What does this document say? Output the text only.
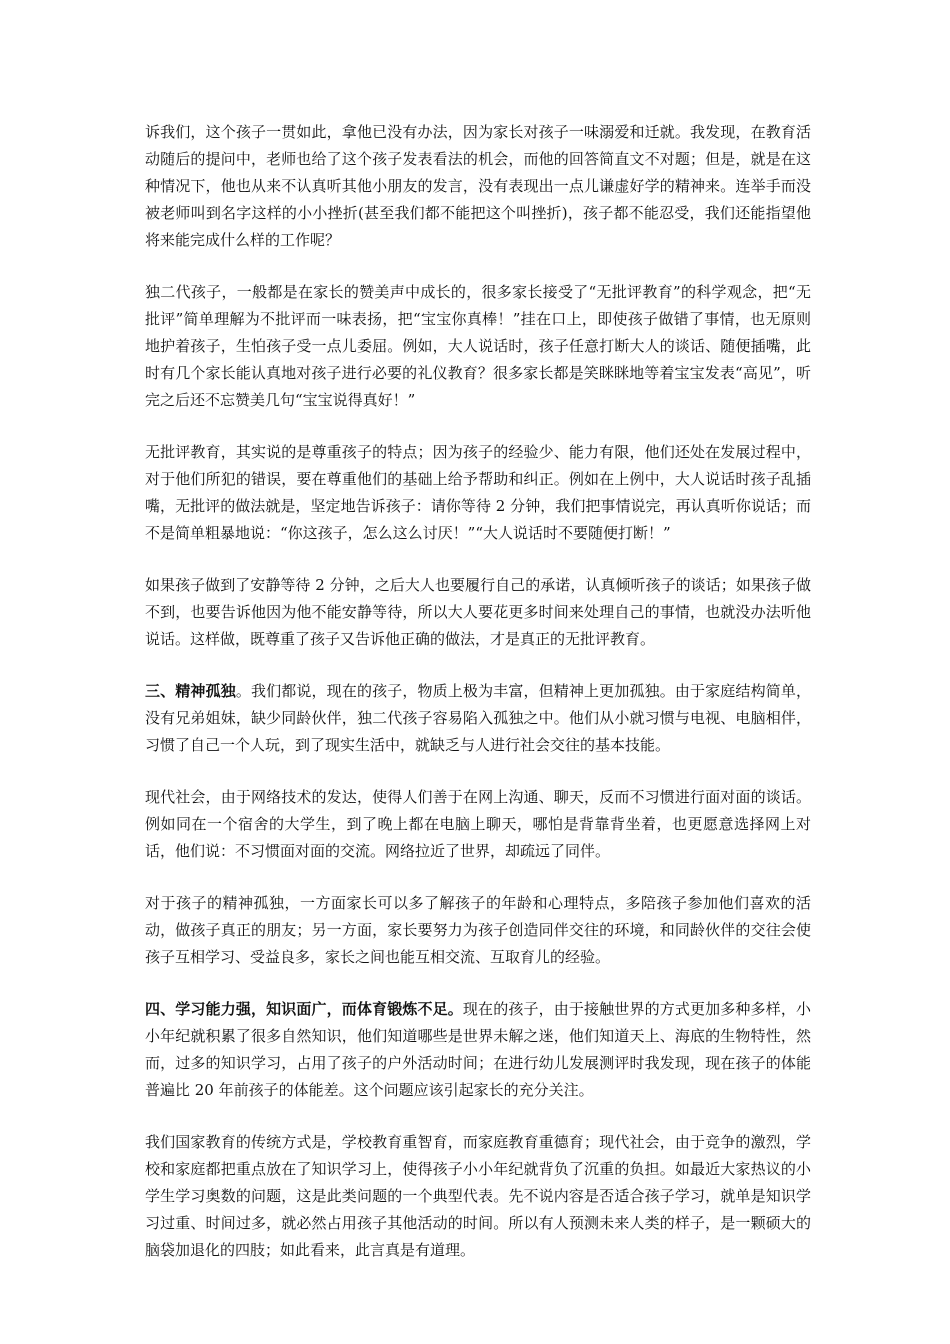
诉我们，这个孩子一贯如此，拿他已没有办法，因为家长对孩子一味溺爱和迁就。我发现，在教育活动随后的提问中，老师也给了这个孩子发表看法的机会，而他的回答简直文不对题；但是，就是在这种情况下，他也从来不认真听其他小朋友的发言，没有表现出一点儿谦虚好学的精神来。连举手而没被老师叫到名字这样的小小挫折(甚至我们都不能把这个叫挫折)，孩子都不能忍受，我们还能指望他将来能完成什么样的工作呢？

独二代孩子，一般都是在家长的赞美声中成长的，很多家长接受了“无批评教育”的科学观念，把“无批评”简单理解为不批评而一味表扬，把“宝宝你真棒！”挂在口上，即使孩子做错了事情，也无原则地护着孩子，生怕孩子受一点儿委屈。例如，大人说话时，孩子任意打断大人的谈话、随便插嘴，此时有几个家长能认真地对孩子进行必要的礼仪教育？很多家长都是笑眯眯地等着宝宝发表“高见”，听完之后还不忘赞美几句“宝宝说得真好！”

无批评教育，其实说的是尊重孩子的特点；因为孩子的经验少、能力有限，他们还处在发展过程中，对于他们所犯的错误，要在尊重他们的基础上给予帮助和纠正。例如在上例中，大人说话时孩子乱插嘴，无批评的做法就是，坚定地告诉孩子：请你等待 2 分钟，我们把事情说完，再认真听你说话；而不是简单粗暴地说：“你这孩子，怎么这么讨厌！”“大人说话时不要随便打断！”

如果孩子做到了安静等待 2 分钟，之后大人也要履行自己的承诺，认真倾听孩子的谈话；如果孩子做不到，也要告诉他因为他不能安静等待，所以大人要花更多时间来处理自己的事情，也就没办法听他说话。这样做，既尊重了孩子又告诉他正确的做法，才是真正的无批评教育。

三、精神孤独。我们都说，现在的孩子，物质上极为丰富，但精神上更加孤独。由于家庭结构简单，没有兄弟姐妹，缺少同龄伙伴，独二代孩子容易陷入孤独之中。他们从小就习惯与电视、电脑相伴，习惯了自己一个人玩，到了现实生活中，就缺乏与人进行社会交往的基本技能。

现代社会，由于网络技术的发达，使得人们善于在网上沟通、聊天，反而不习惯进行面对面的谈话。例如同在一个宿舍的大学生，到了晚上都在电脑上聊天，哪怕是背靠背坐着，也更愿意选择网上对话，他们说：不习惯面对面的交流。网络拉近了世界，却疏远了同伴。

对于孩子的精神孤独，一方面家长可以多了解孩子的年龄和心理特点，多陪孩子参加他们喜欢的活动，做孩子真正的朋友；另一方面，家长要努力为孩子创造同伴交往的环境，和同龄伙伴的交往会使孩子互相学习、受益良多，家长之间也能互相交流、互取育儿的经验。

四、学习能力强，知识面广，而体育锻炼不足。现在的孩子，由于接触世界的方式更加多种多样，小小年纪就积累了很多自然知识，他们知道哪些是世界未解之迷，他们知道天上、海底的生物特性，然而，过多的知识学习，占用了孩子的户外活动时间；在进行幼儿发展测评时我发现，现在孩子的体能普遍比 20 年前孩子的体能差。这个问题应该引起家长的充分关注。

我们国家教育的传统方式是，学校教育重智育，而家庭教育重德育；现代社会，由于竞争的激烈，学校和家庭都把重点放在了知识学习上，使得孩子小小年纪就背负了沉重的负担。如最近大家热议的小学生学习奥数的问题，这是此类问题的一个典型代表。先不说内容是否适合孩子学习，就单是知识学习过重、时间过多，就必然占用孩子其他活动的时间。所以有人预测未来人类的样子，是一颗硕大的脑袋加退化的四肢；如此看来，此言真是有道理。
